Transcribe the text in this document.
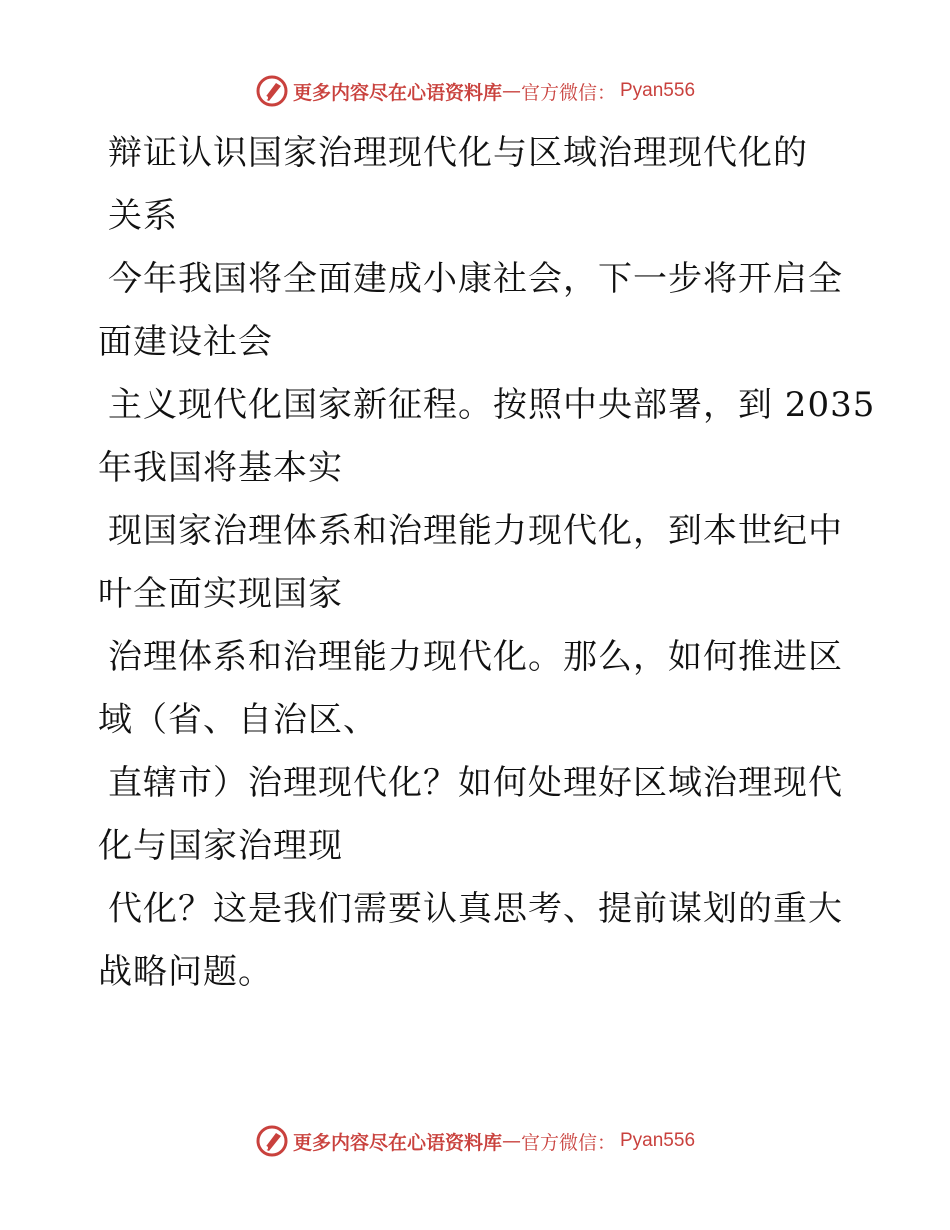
更多内容尽在心语资料库 — 官方微信： Pyan556
辩证认识国家治理现代化与区域治理现代化的
关系
今年我国将全面建成小康社会，下一步将开启全
面建设社会
主义现代化国家新征程。按照中央部署，到 2035
年我国将基本实
现国家治理体系和治理能力现代化，到本世纪中
叶全面实现国家
治理体系和治理能力现代化。那么，如何推进区
域（省、自治区、
直辖市）治理现代化？如何处理好区域治理现代
化与国家治理现
代化？这是我们需要认真思考、提前谋划的重大
战略问题。
更多内容尽在心语资料库 — 官方微信： Pyan556
